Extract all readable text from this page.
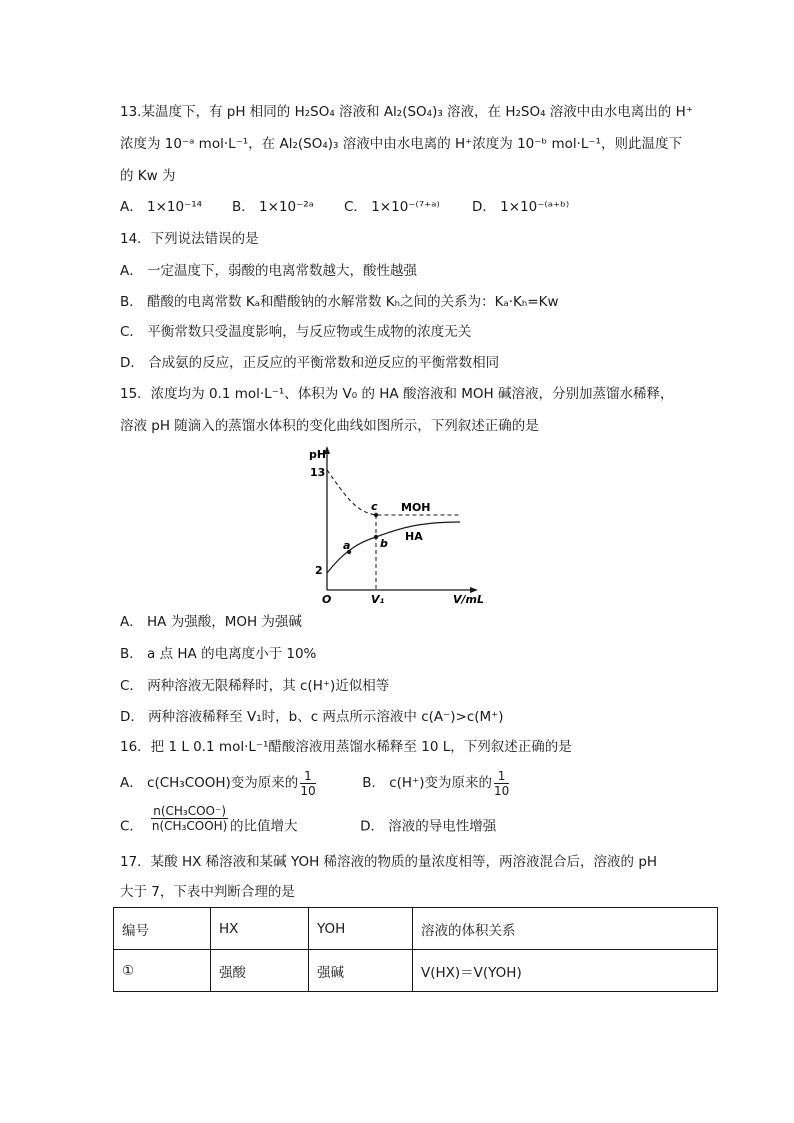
13.某温度下，有 pH 相同的 H₂SO₄ 溶液和 Al₂(SO₄)₃ 溶液，在 H₂SO₄ 溶液中由水电离出的 H⁺
浓度为 10⁻ᵃ mol·L⁻¹，在 Al₂(SO₄)₃ 溶液中由水电离的 H⁺浓度为 10⁻ᵇ mol·L⁻¹，则此温度下
的 Kw 为
A． 1×10⁻¹⁴ B． 1×10⁻²ᵃ C． 1×10⁻⁽⁷⁺ᵃ⁾ D． 1×10⁻⁽ᵃ⁺ᵇ⁾
14．下列说法错误的是
A． 一定温度下，弱酸的电离常数越大，酸性越强
B． 醋酸的电离常数 Kₐ和醋酸钠的水解常数 Kₕ之间的关系为：Kₐ·Kₕ=Kw
C． 平衡常数只受温度影响，与反应物或生成物的浓度无关
D． 合成氨的反应，正反应的平衡常数和逆反应的平衡常数相同
15．浓度均为 0.1 mol·L⁻¹、体积为 V₀ 的 HA 酸溶液和 MOH 碱溶液，分别加蒸馏水稀释，
溶液 pH 随滴入的蒸馏水体积的变化曲线如图所示，下列叙述正确的是
pH
13
2
O	V₁	V/mL
a	b
c MOH
HA
A． HA 为强酸，MOH 为强碱
B． a 点 HA 的电离度小于 10%
C． 两种溶液无限稀释时，其 c(H⁺)近似相等
D． 两种溶液稀释至 V₁时，b、c 两点所示溶液中 c(A⁻)>c(M⁺)
16．把 1 L 0.1 mol·L⁻¹醋酸溶液用蒸馏水稀释至 10 L，下列叙述正确的是
A． c(CH₃COOH)变为原来的 $\frac{1}{10}$	B． c(H⁺)变为原来的 $\frac{1}{10}$
C． $\frac{\text{n(CH₃COO⁻)}}{\text{n(CH₃COOH)}}$ 的比值增大	D． 溶液的导电性增强
17．某酸 HX 稀溶液和某碱 YOH 稀溶液的物质的量浓度相等，两溶液混合后，溶液的 pH
大于 7，下表中判断合理的是
编号	HX	YOH	溶液的体积关系
①	强酸	强碱	V(HX)＝V(YOH)
